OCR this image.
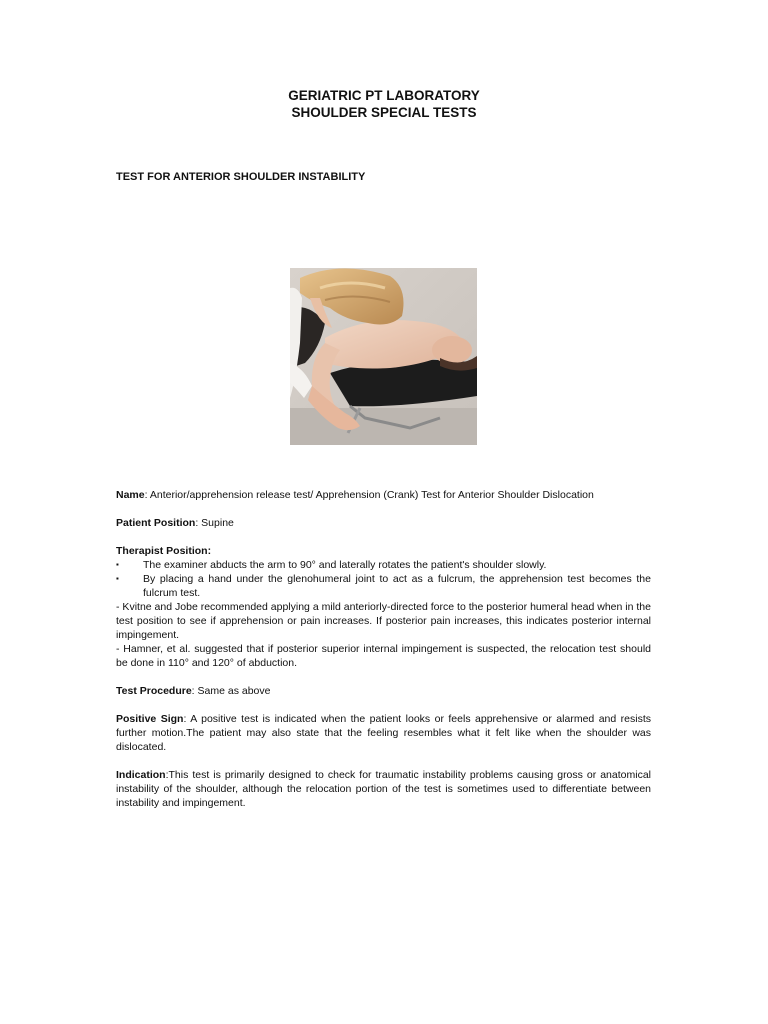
GERIATRIC PT LABORATORY
SHOULDER SPECIAL TESTS
TEST FOR ANTERIOR SHOULDER INSTABILITY

Name: Anterior/apprehension release test/ Apprehension (Crank) Test for Anterior Shoulder Dislocation

Patient Position: Supine

Therapist Position:

▪ The examiner abducts the arm to 90° and laterally rotates the patient's shoulder slowly.
▪ By placing a hand under the glenohumeral joint to act as a fulcrum, the apprehension test becomes the fulcrum test.

- Kvitne and Jobe recommended applying a mild anteriorly-directed force to the posterior humeral head when in the test position to see if apprehension or pain increases. If posterior pain increases, this indicates posterior internal impingement.

- Hamner, et al. suggested that if posterior superior internal impingement is suspected, the relocation test should be done in 110° and 120° of abduction.

Test Procedure: Same as above

Positive Sign: A positive test is indicated when the patient looks or feels apprehensive or alarmed and resists further motion.The patient may also state that the feeling resembles what it felt like when the shoulder was dislocated.

Indication:This test is primarily designed to check for traumatic instability problems causing gross or anatomical instability of the shoulder, although the relocation portion of the test is sometimes used to differentiate between instability and impingement.
